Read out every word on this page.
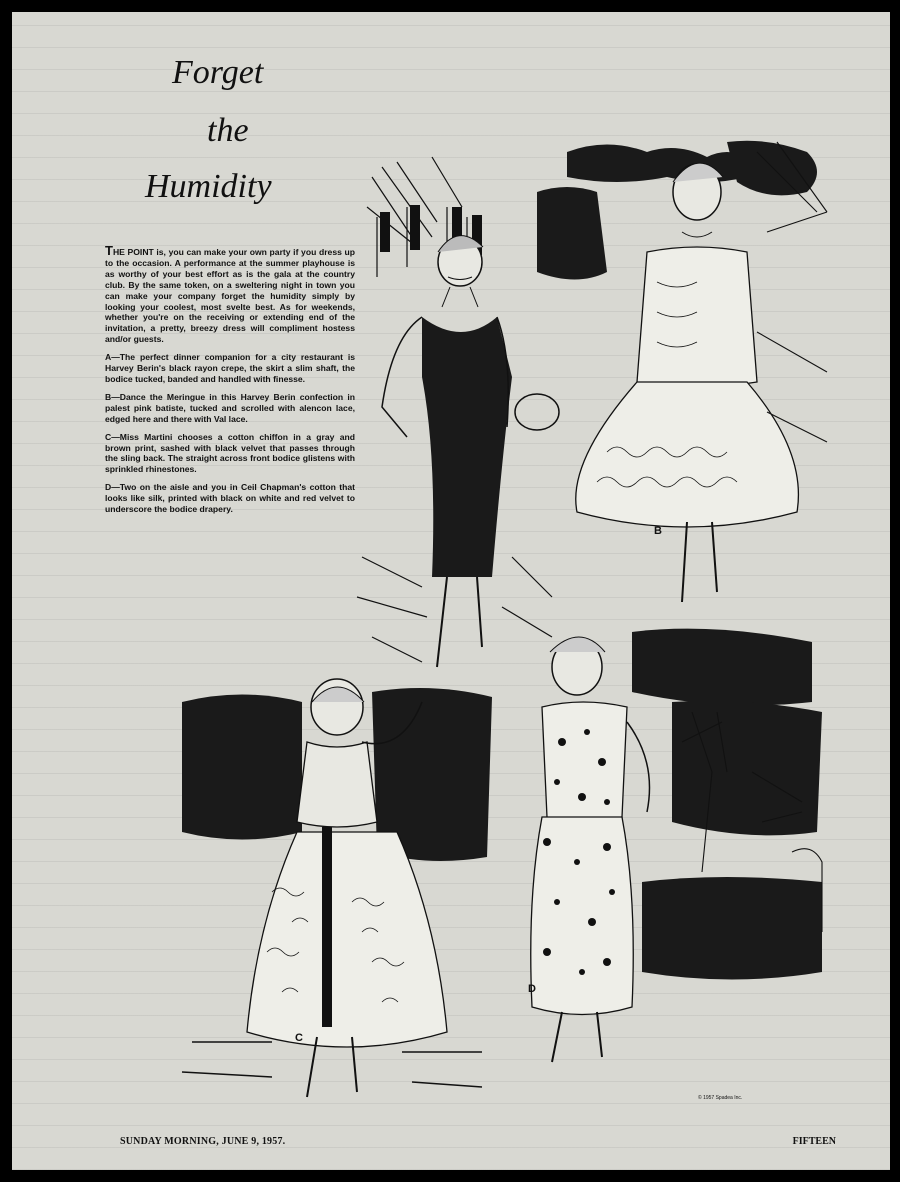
Forget
the
Humidity

THE POINT is, you can make your own party if you dress up to the occasion. A performance at the summer playhouse is as worthy of your best effort as is the gala at the country club. By the same token, on a sweltering night in town you can make your company forget the humidity simply by looking your coolest, most svelte best. As for weekends, whether you're on the receiving or extending end of the invitation, a pretty, breezy dress will compliment hostess and/or guests.

A—The perfect dinner companion for a city restaurant is Harvey Berin's black rayon crepe, the skirt a slim shaft, the bodice tucked, banded and handled with finesse.

B—Dance the Meringue in this Harvey Berin confection in palest pink batiste, tucked and scrolled with alencon lace, edged here and there with Val lace.

C—Miss Martini chooses a cotton chiffon in a gray and brown print, sashed with black velvet that passes through the sling back. The straight across front bodice glistens with sprinkled rhinestones.

D—Two on the aisle and you in Ceil Chapman's cotton that looks like silk, printed with black on white and red velvet to underscore the bodice drapery.

B
C
D
© 1957 Spadea Inc.
SUNDAY MORNING, JUNE 9, 1957.	FIFTEEN
